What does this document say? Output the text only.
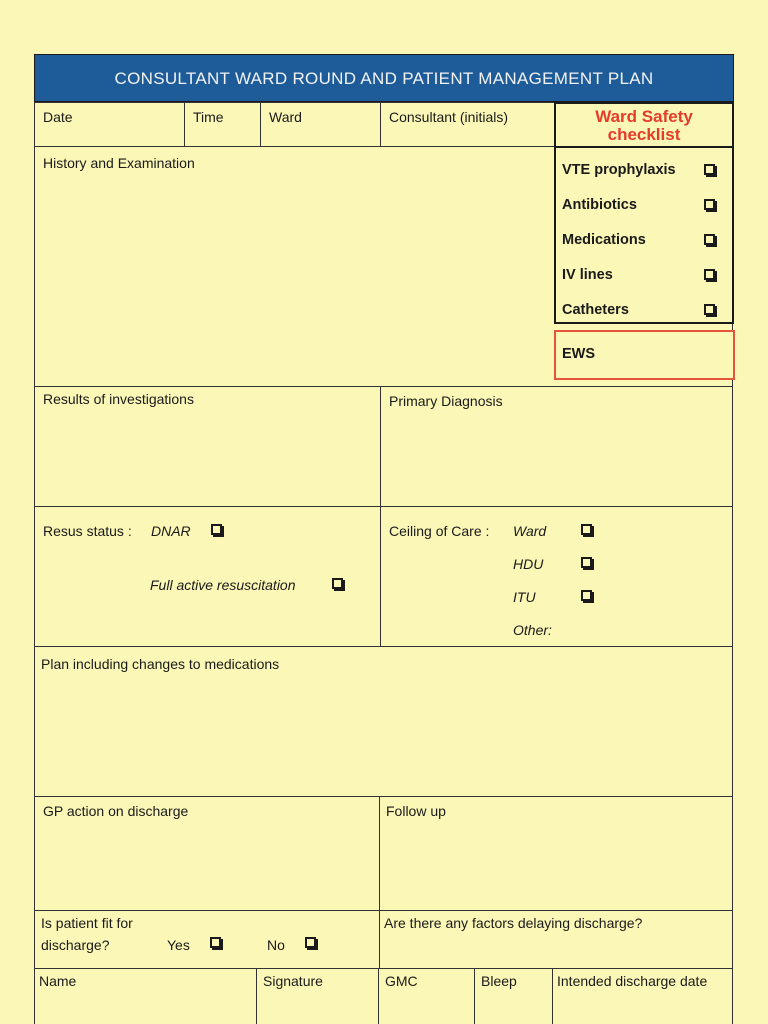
CONSULTANT WARD ROUND AND PATIENT MANAGEMENT PLAN
Date	Time	Ward	Consultant (initials)
History and Examination
Ward Safety
checklist
VTE prophylaxis
Antibiotics
Medications
IV lines
Catheters
EWS
Results of investigations	Primary Diagnosis
Resus status : DNAR
Full active resuscitation
Ceiling of Care : Ward
HDU
ITU
Other:
Plan including changes to medications
GP action on discharge	Follow up
Is patient fit for
discharge?	Yes	No
Are there any factors delaying discharge?
Name	Signature	GMC	Bleep	Intended discharge date
